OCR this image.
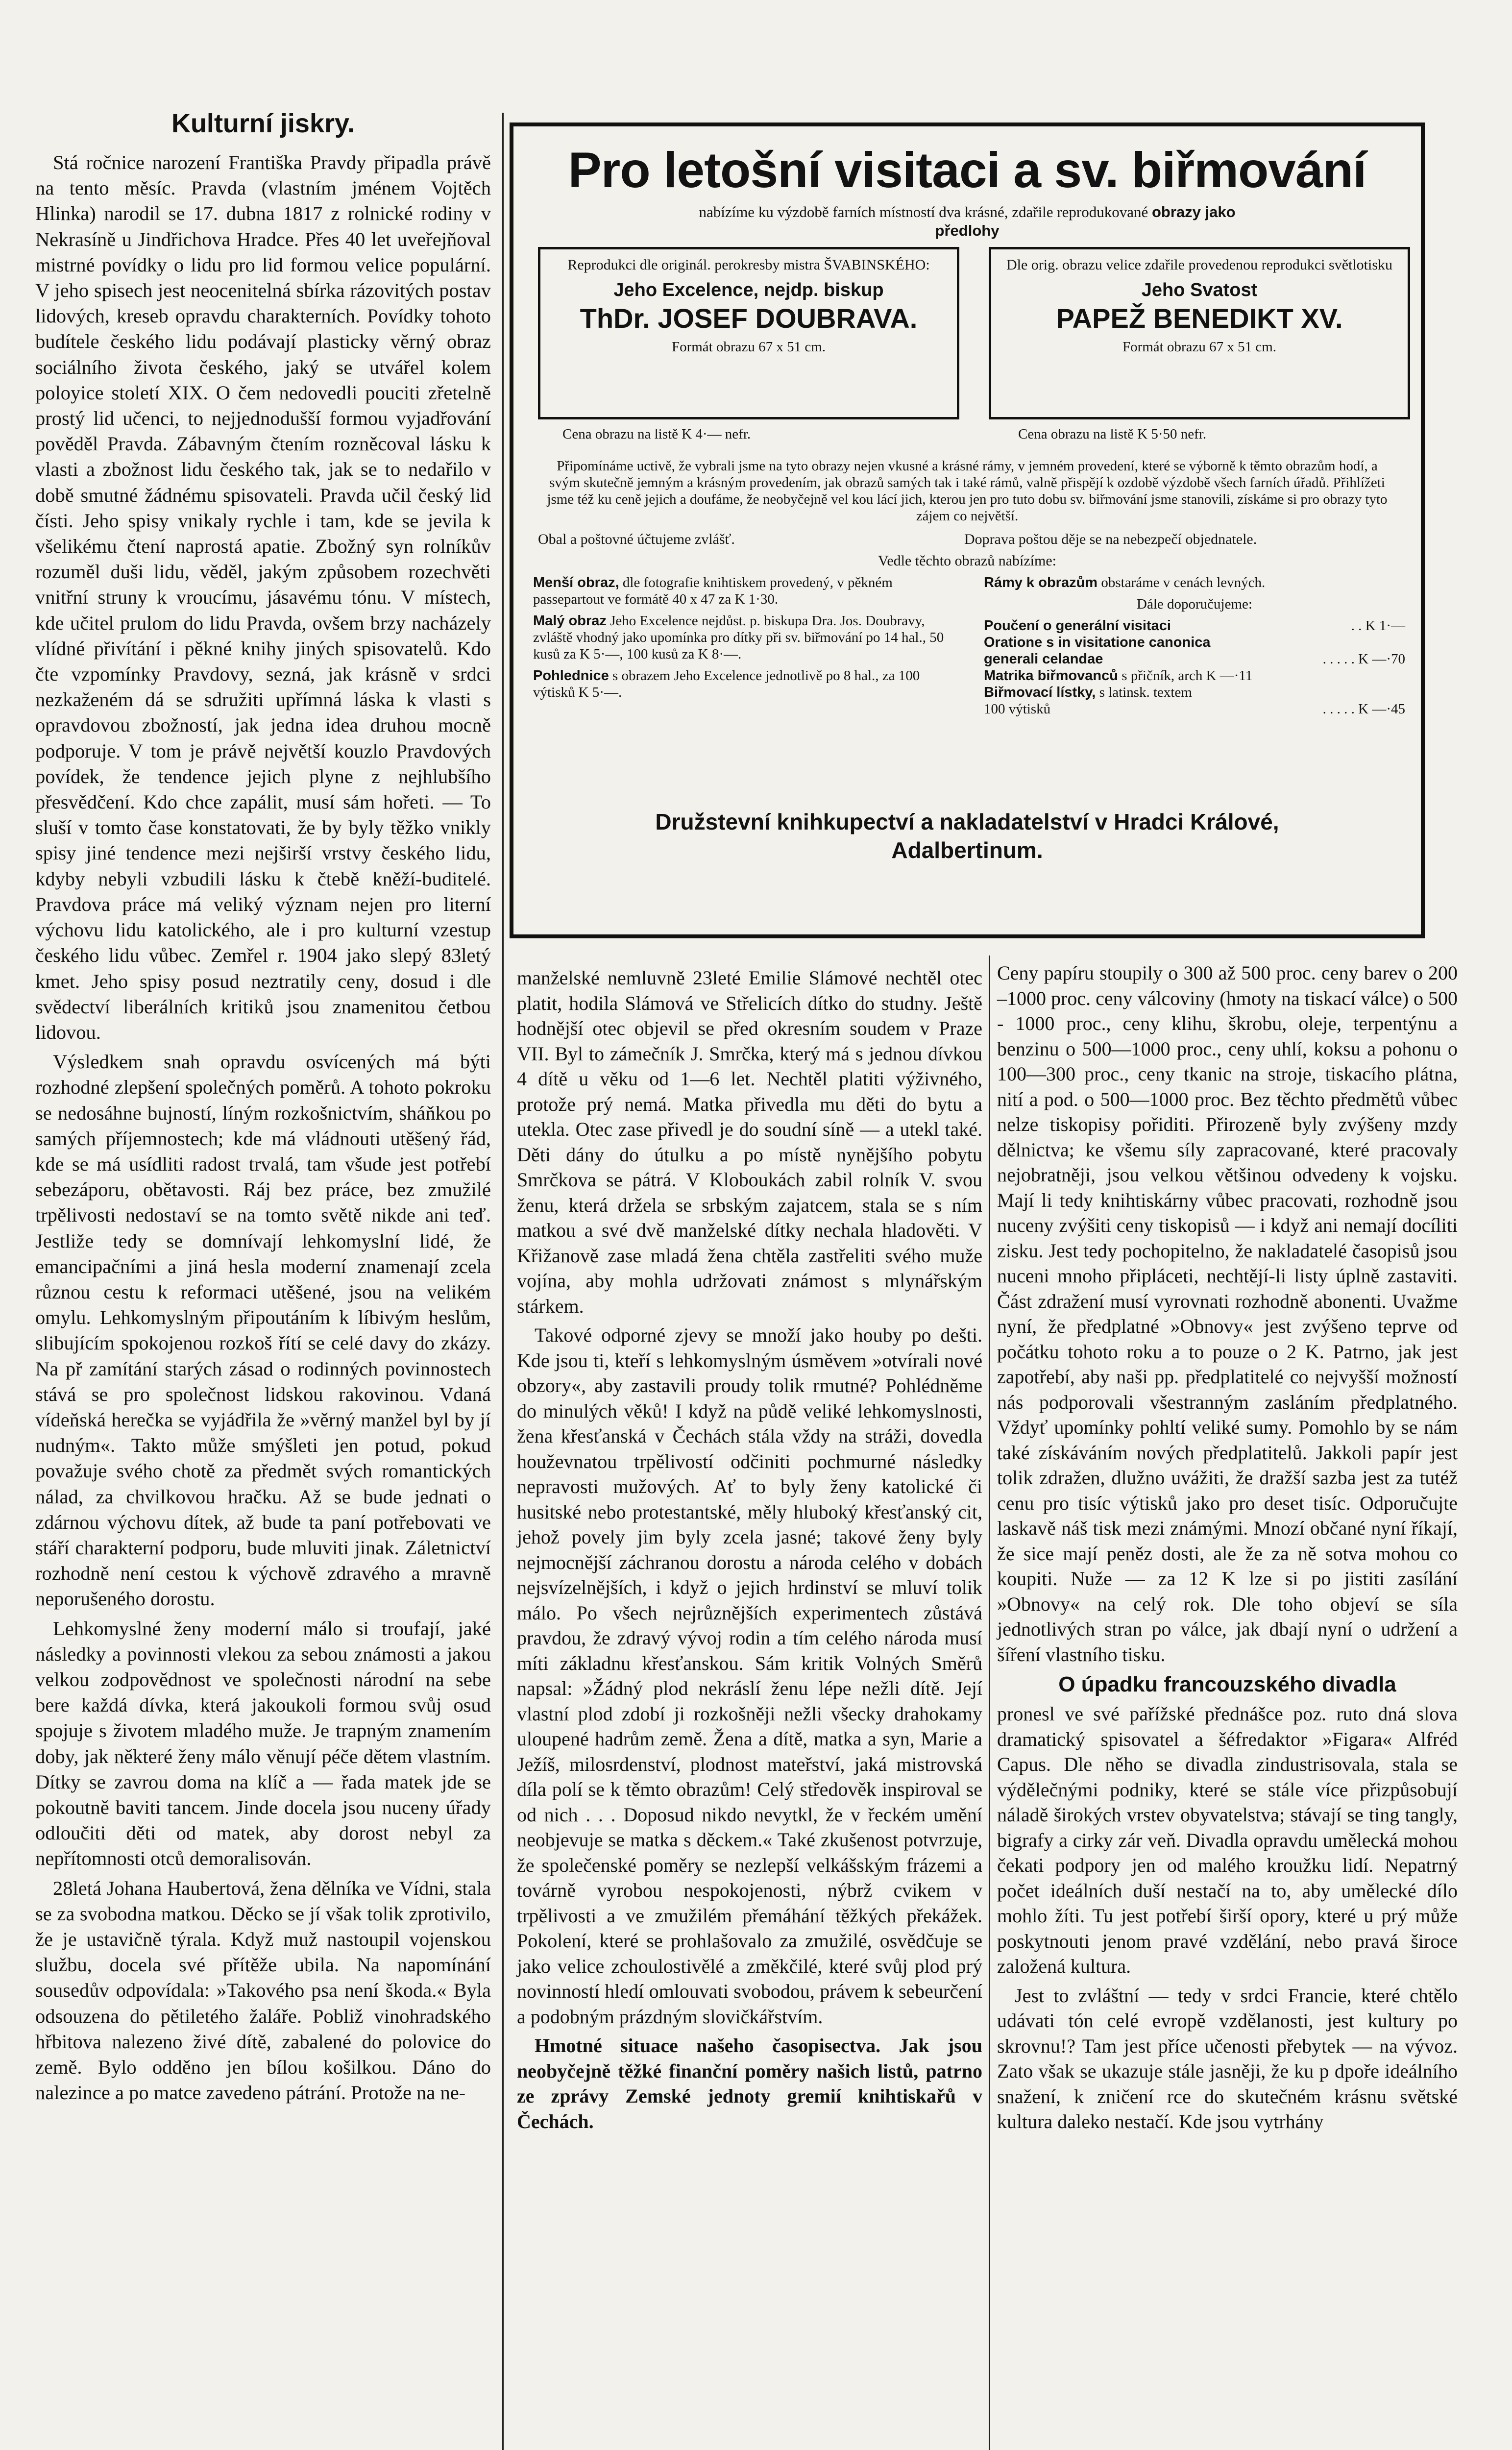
Kulturní jiskry.

Stá ročnice narození Františka Pravdy připadla právě na tento měsíc. Pravda (vlastním jménem Vojtěch Hlinka) narodil se 17. dubna 1817 z rolnické rodiny v Nekrasíně u Jindřichova Hradce. Přes 40 let uveřejňoval mistrné povídky o lidu pro lid formou velice populární. V jeho spisech jest neocenitelná sbírka rázovitých postav lidových, kreseb opravdu charakterních. Povídky tohoto budítele českého lidu podávají plasticky věrný obraz sociálního života českého, jaký se utvářel kolem poloyice století XIX. O čem nedovedli pouciti zřetelně prostý lid učenci, to nejjednodušší formou vyjadřování pověděl Pravda. Zábavným čtením rozněcoval lásku k vlasti a zbožnost lidu českého tak, jak se to nedařilo v době smutné žádnému spisovateli. Pravda učil český lid čísti. Jeho spisy vnikaly rychle i tam, kde se jevila k všelikému čtení naprostá apatie. Zbožný syn rolníkův rozuměl duši lidu, věděl, jakým způsobem rozechvěti vnitřní struny k vroucímu, jásavému tónu. V místech, kde učitel prulom do lidu Pravda, ovšem brzy nacházely vlídné přivítání i pěkné knihy jiných spisovatelů. Kdo čte vzpomínky Pravdovy, sezná, jak krásně v srdci nezkaženém dá se sdružiti upřímná láska k vlasti s opravdovou zbožností, jak jedna idea druhou mocně podporuje. V tom je právě největší kouzlo Pravdových povídek, že tendence jejich plyne z nejhlubšího přesvědčení. Kdo chce zapálit, musí sám hořeti. — To sluší v tomto čase konstatovati, že by byly těžko vnikly spisy jiné tendence mezi nejširší vrstvy českého lidu, kdyby nebyli vzbudili lásku k čtebě kněží-buditelé. Pravdova práce má veliký význam nejen pro literní výchovu lidu katolického, ale i pro kulturní vzestup českého lidu vůbec. Zemřel r. 1904 jako slepý 83letý kmet. Jeho spisy posud neztratily ceny, dosud i dle svědectví liberálních kritiků jsou znamenitou četbou lidovou.

Výsledkem snah opravdu osvícených má býti rozhodné zlepšení společných poměrů. A tohoto pokroku se nedosáhne bujností, líným rozkošnictvím, sháňkou po samých příjemnostech; kde má vládnouti utěšený řád, kde se má usídliti radost trvalá, tam všude jest potřebí sebezáporu, obětavosti. Ráj bez práce, bez zmužilé trpělivosti nedostaví se na tomto světě nikde ani teď. Jestliže tedy se domnívají lehkomyslní lidé, že emancipačními a jiná hesla moderní znamenají zcela různou cestu k reformaci utěšené, jsou na velikém omylu. Lehkomyslným připoutáním k líbivým heslům, slibujícím spokojenou rozkoš řítí se celé davy do zkázy. Na př zamítání starých zásad o rodinných povinnostech stává se pro společnost lidskou rakovinou. Vdaná vídeňská herečka se vyjádřila že »věrný manžel byl by jí nudným«. Takto může smýšleti jen potud, pokud považuje svého chotě za předmět svých romantických nálad, za chvilkovou hračku. Až se bude jednati o zdárnou výchovu dítek, až bude ta paní potřebovati ve stáří charakterní podporu, bude mluviti jinak. Záletnictví rozhodně není cestou k výchově zdravého a mravně neporušeného dorostu.

Lehkomyslné ženy moderní málo si troufají, jaké následky a povinnosti vlekou za sebou známosti a jakou velkou zodpovědnost ve společnosti národní na sebe bere každá dívka, která jakoukoli formou svůj osud spojuje s životem mladého muže. Je trapným znamením doby, jak některé ženy málo věnují péče dětem vlastním. Dítky se zavrou doma na klíč a — řada matek jde se pokoutně baviti tancem. Jinde docela jsou nuceny úřady odloučiti děti od matek, aby dorost nebyl za nepřítomnosti otců demoralisován.

28letá Johana Haubertová, žena dělníka ve Vídni, stala se za svobodna matkou. Děcko se jí však tolik zprotivilo, že je ustavičně týrala. Když muž nastoupil vojenskou službu, docela své přítěže ubila. Na napomínání sousedův odpovídala: »Takového psa není škoda.« Byla odsouzena do pětiletého žaláře. Pobliž vinohradského hřbitova nalezeno živé dítě, zabalené do polovice do země. Bylo odděno jen bílou košilkou. Dáno do nalezince a po matce zavedeno pátrání. Protože na ne-

Pro letošní visitaci a sv. biřmování
nabízíme ku výzdobě farních místností dva krásné, zdařile reprodukované obrazy jako předlohy
Reprodukci dle originál. perokresby mistra ŠVABINSKÉHO:
Jeho Excelence, nejdp. biskup
ThDr. JOSEF DOUBRAVA.
Formát obrazu 67 x 51 cm.
Dle orig. obrazu velice zdařile provedenou reprodukci světlotisku
Jeho Svatost
PAPEŽ BENEDIKT XV.
Formát obrazu 67 x 51 cm.
Cena obrazu na listě K 4·— nefr.	Cena obrazu na listě K 5·50 nefr.
Připomínáme uctivě, že vybrali jsme na tyto obrazy nejen vkusné a krásné rámy, v jemném provedení, které se výborně k těmto obrazům hodí, a svým skutečně jemným a krásným provedením, jak obrazů samých tak i také rámů, valně přispějí k ozdobě výzdobě všech farních úřadů. Přihlížeti jsme též ku ceně jejich a doufáme, že neobyčejně vel kou lácí jich, kterou jen pro tuto dobu sv. biřmování jsme stanovili, získáme si pro obrazy tyto zájem co největší.
Obal a poštovné účtujeme zvlášť.	Doprava poštou děje se na nebezpečí objednatele.
Vedle těchto obrazů nabízíme:

Menší obraz, dle fotografie knihtiskem provedený, v pěkném passepartout ve formátě 40 x 47 za K 1·30.

Malý obraz Jeho Excelence nejdůst. p. biskupa Dra. Jos. Doubravy, zvláště vhodný jako upomínka pro dítky při sv. biřmování po 14 hal., 50 kusů za K 5·—, 100 kusů za K 8·—.

Pohlednice s obrazem Jeho Excelence jednotlivě po 8 hal., za 100 výtisků K 5·—.

Rámy k obrazům obstaráme v cenách levných.

Dále doporučujeme:

Poučení o generální visitaci	. . K 1·—
Oratione s in visitatione canonica
generali celandae	. . . . . K —·70
Matrika biřmovanců s přičník, arch K —·11
Biřmovací lístky, s latinsk. textem
100 výtisků	. . . . . K —·45
Družstevní knihkupectví a nakladatelství v Hradci Králové,
Adalbertinum.

manželské nemluvně 23leté Emilie Slámové nechtěl otec platit, hodila Slámová ve Střelicích dítko do studny. Ještě hodnější otec objevil se před okresním soudem v Praze VII. Byl to zámečník J. Smrčka, který má s jednou dívkou 4 dítě u věku od 1—6 let. Nechtěl platiti výživného, protože prý nemá. Matka přivedla mu děti do bytu a utekla. Otec zase přivedl je do soudní síně — a utekl také. Děti dány do útulku a po místě nynějšího pobytu Smrčkova se pátrá. V Kloboukách zabil rolník V. svou ženu, která držela se srbským zajatcem, stala se s ním matkou a své dvě manželské dítky nechala hladověti. V Křižanově zase mladá žena chtěla zastřeliti svého muže vojína, aby mohla udržovati známost s mlynářským stárkem.

Takové odporné zjevy se množí jako houby po dešti. Kde jsou ti, kteří s lehkomyslným úsměvem »otvírali nové obzory«, aby zastavili proudy tolik rmutné? Pohlédněme do minulých věků! I když na půdě veliké lehkomyslnosti, žena křesťanská v Čechách stála vždy na stráži, dovedla houževnatou trpělivostí odčiniti pochmurné následky nepravosti mužových. Ať to byly ženy katolické či husitské nebo protestantské, měly hluboký křesťanský cit, jehož povely jim byly zcela jasné; takové ženy byly nejmocnější záchranou dorostu a národa celého v dobách nejsvízelnějších, i když o jejich hrdinství se mluví tolik málo. Po všech nejrůznějších experimentech zůstává pravdou, že zdravý vývoj rodin a tím celého národa musí míti základnu křesťanskou. Sám kritik Volných Směrů napsal: »Žádný plod nekráslí ženu lépe nežli dítě. Její vlastní plod zdobí ji rozkošněji nežli všecky drahokamy uloupené hadrům země. Žena a dítě, matka a syn, Marie a Ježíš, milosrdenství, plodnost mateřství, jaká mistrovská díla polí se k těmto obrazům! Celý středověk inspiroval se od nich . . . Doposud nikdo nevytkl, že v řeckém umění neobjevuje se matka s děckem.« Také zkušenost potvrzuje, že společenské poměry se nezlepší velkášským frázemi a továrně vyrobou nespokojenosti, nýbrž cvikem v trpělivosti a ve zmužilém přemáhání těžkých překážek. Pokolení, které se prohlašovalo za zmužilé, osvědčuje se jako velice zchoulostivělé a změkčilé, které svůj plod prý novinností hledí omlouvati svobodou, právem k sebeurčení a podobným prázdným slovičkářstvím.

Hmotné situace našeho časopisectva. Jak jsou neobyčejně těžké finanční poměry našich listů, patrno ze zprávy Zemské jednoty gremií knihtiskařů v Čechách.

Ceny papíru stoupily o 300 až 500 proc. ceny barev o 200 –1000 proc. ceny válcoviny (hmoty na tiskací válce) o 500 - 1000 proc., ceny klihu, škrobu, oleje, terpentýnu a benzinu o 500—1000 proc., ceny uhlí, koksu a pohonu o 100—300 proc., ceny tkanic na stroje, tiskacího plátna, nití a pod. o 500—1000 proc. Bez těchto předmětů vůbec nelze tiskopisy pořiditi. Přirozeně byly zvýšeny mzdy dělnictva; ke všemu síly zapracované, které pracovaly nejobratněji, jsou velkou většinou odvedeny k vojsku. Mají li tedy knihtiskárny vůbec pracovati, rozhodně jsou nuceny zvýšiti ceny tiskopisů — i když ani nemají docíliti zisku. Jest tedy pochopitelno, že nakladatelé časopisů jsou nuceni mnoho připláceti, nechtějí-li listy úplně zastaviti. Část zdražení musí vyrovnati rozhodně abonenti. Uvažme nyní, že předplatné »Obnovy« jest zvýšeno teprve od počátku tohoto roku a to pouze o 2 K. Patrno, jak jest zapotřebí, aby naši pp. předplatitelé co nejvyšší možností nás podporovali všestranným zasláním předplatného. Vždyť upomínky pohltí veliké sumy. Pomohlo by se nám také získáváním nových předplatitelů. Jakkoli papír jest tolik zdražen, dlužno uvážiti, že dražší sazba jest za tutéž cenu pro tisíc výtisků jako pro deset tisíc. Odporučujte laskavě náš tisk mezi známými. Mnozí občané nyní říkají, že sice mají peněz dosti, ale že za ně sotva mohou co koupiti. Nuže — za 12 K lze si po jistiti zasílání »Obnovy« na celý rok. Dle toho objeví se síla jednotlivých stran po válce, jak dbají nyní o udržení a šíření vlastního tisku.

O úpadku francouzského divadla

pronesl ve své pařížské přednášce poz. ruto dná slova dramatický spisovatel a šéfredaktor »Figara« Alfréd Capus. Dle něho se divadla zindustrisovala, stala se výdělečnými podniky, které se stále více přizpůsobují náladě širokých vrstev obyvatelstva; stávají se ting tangly, bigrafy a cirky zár veň. Divadla opravdu umělecká mohou čekati podpory jen od malého kroužku lidí. Nepatrný počet ideálních duší nestačí na to, aby umělecké dílo mohlo žíti. Tu jest potřebí širší opory, které u prý může poskytnouti jenom pravé vzdělání, nebo pravá široce založená kultura.

Jest to zvláštní — tedy v srdci Francie, které chtělo udávati tón celé evropě vzdělanosti, jest kultury po skrovnu!? Tam jest příce učenosti přebytek — na vývoz. Zato však se ukazuje stále jasněji, že ku p dpoře ideálního snažení, k zničení rce do skutečném krásnu světské kultura daleko nestačí. Kde jsou vytrhány
